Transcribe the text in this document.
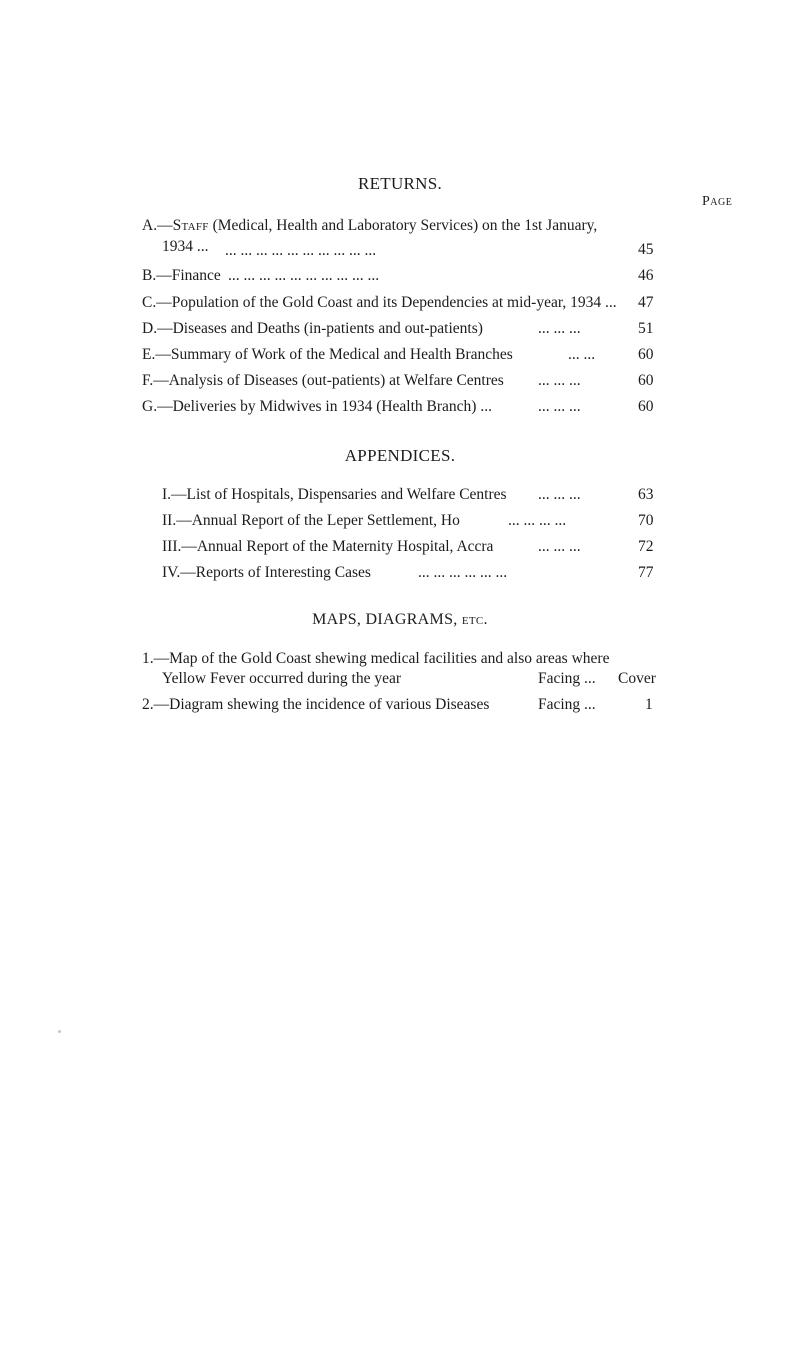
RETURNS.
Page
A.—Staff (Medical, Health and Laboratory Services) on the 1st January,
1934 ... ... ... ... ... ... ... ... ... ... ...	45
B.—Finance ... ... ... ... ... ... ... ... ... ...	46
C.—Population of the Gold Coast and its Dependencies at mid-year, 1934 ... 47
D.—Diseases and Deaths (in-patients and out-patients)	... ... ...	51
E.—Summary of Work of the Medical and Health Branches	... ...	60
F.—Analysis of Diseases (out-patients) at Welfare Centres ... ... ...	60
G.—Deliveries by Midwives in 1934 (Health Branch) ...	... ... ...	60
APPENDICES.
I.—List of Hospitals, Dispensaries and Welfare Centres ... ... ...	63
II.—Annual Report of the Leper Settlement, Ho	... ... ... ...	70
III.—Annual Report of the Maternity Hospital, Accra	... ... ...	72
IV.—Reports of Interesting Cases	... ... ... ... ... ...	77
MAPS, DIAGRAMS, etc.
1.—Map of the Gold Coast shewing medical facilities and also areas where
Yellow Fever occurred during the year	Facing ... Cover
2.—Diagram shewing the incidence of various Diseases	Facing ...	1
